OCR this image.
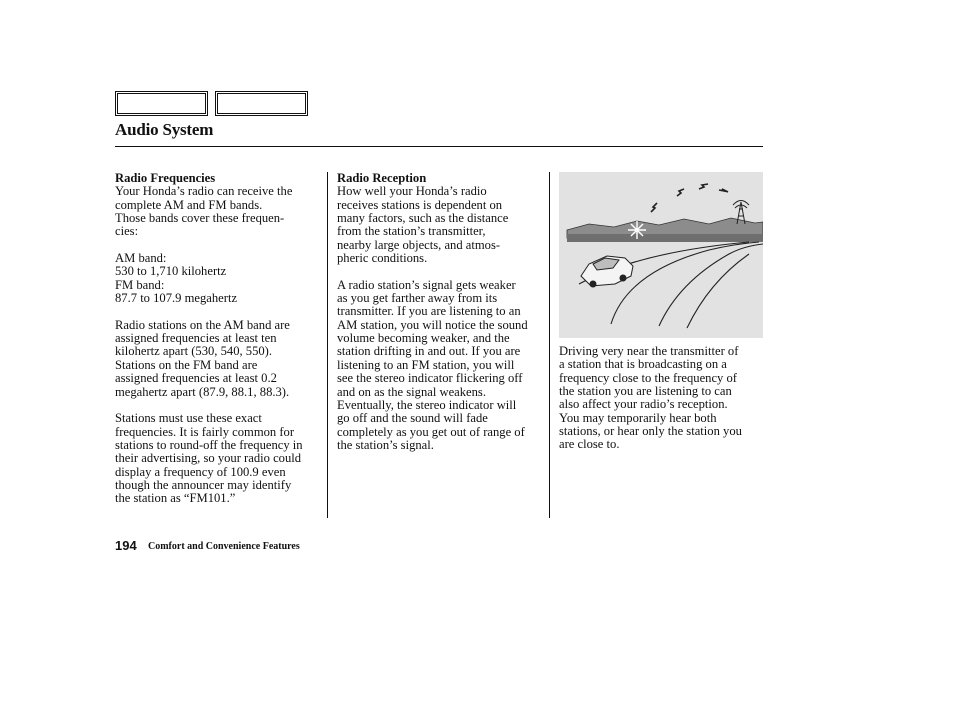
Audio System
Radio Frequencies

Your Honda’s radio can receive the
complete AM and FM bands.
Those bands cover these frequen-
cies:

AM band:
530 to 1,710 kilohertz
FM band:
87.7 to 107.9 megahertz

Radio stations on the AM band are
assigned frequencies at least ten
kilohertz apart (530, 540, 550).
Stations on the FM band are
assigned frequencies at least 0.2
megahertz apart (87.9, 88.1, 88.3).

Stations must use these exact
frequencies. It is fairly common for
stations to round-off the frequency in
their advertising, so your radio could
display a frequency of 100.9 even
though the announcer may identify
the station as “FM101.”

Radio Reception

How well your Honda’s radio
receives stations is dependent on
many factors, such as the distance
from the station’s transmitter,
nearby large objects, and atmos-
pheric conditions.

A radio station’s signal gets weaker
as you get farther away from its
transmitter. If you are listening to an
AM station, you will notice the sound
volume becoming weaker, and the
station drifting in and out. If you are
listening to an FM station, you will
see the stereo indicator flickering off
and on as the signal weakens.
Eventually, the stereo indicator will
go off and the sound will fade
completely as you get out of range of
the station’s signal.

Driving very near the transmitter of
a station that is broadcasting on a
frequency close to the frequency of
the station you are listening to can
also affect your radio’s reception.
You may temporarily hear both
stations, or hear only the station you
are close to.

194 Comfort and Convenience Features
